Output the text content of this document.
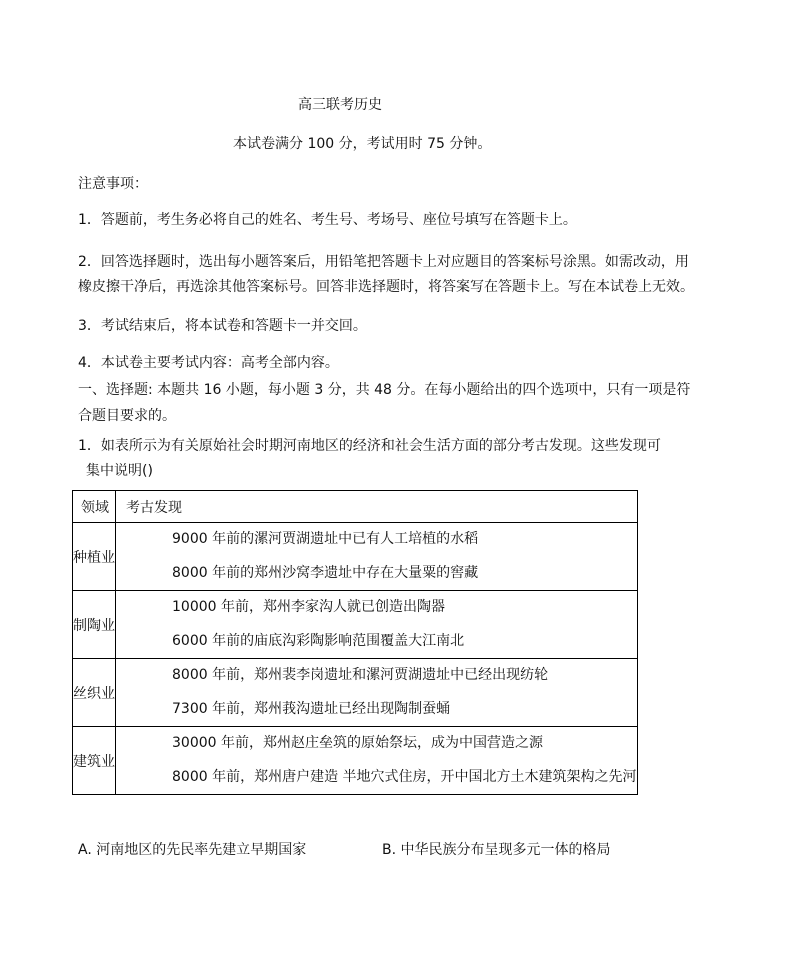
高三联考历史
本试卷满分 100 分，考试用时 75 分钟。
注意事项：
1．答题前，考生务必将自己的姓名、考生号、考场号、座位号填写在答题卡上。
2．回答选择题时，选出每小题答案后，用铅笔把答题卡上对应题目的答案标号涂黑。如需改动，用
橡皮擦干净后，再选涂其他答案标号。回答非选择题时，将答案写在答题卡上。写在本试卷上无效。
3．考试结束后，将本试卷和答题卡一并交回。
4．本试卷主要考试内容：高考全部内容。
一、选择题: 本题共 16 小题，每小题 3 分，共 48 分。在每小题给出的四个选项中，只有一项是符
合题目要求的。
1．如表所示为有关原始社会时期河南地区的经济和社会生活方面的部分考古发现。这些发现可
集中说明()
领域	考古发现
种植业	9000 年前的漯河贾湖遗址中已有人工培植的水稻
8000 年前的郑州沙窝李遗址中存在大量粟的窖藏

制陶业	10000 年前，郑州李家沟人就已创造出陶器
6000 年前的庙底沟彩陶影响范围覆盖大江南北

丝织业	8000 年前，郑州裴李岗遗址和漯河贾湖遗址中已经出现纺轮
7300 年前，郑州莪沟遗址已经出现陶制蚕蛹

建筑业	30000 年前，郑州赵庄垒筑的原始祭坛，成为中国营造之源
8000 年前，郑州唐户建造 半地穴式住房，开中国北方土木建筑架构之先河
A. 河南地区的先民率先建立早期国家	B. 中华民族分布呈现多元一体的格局
